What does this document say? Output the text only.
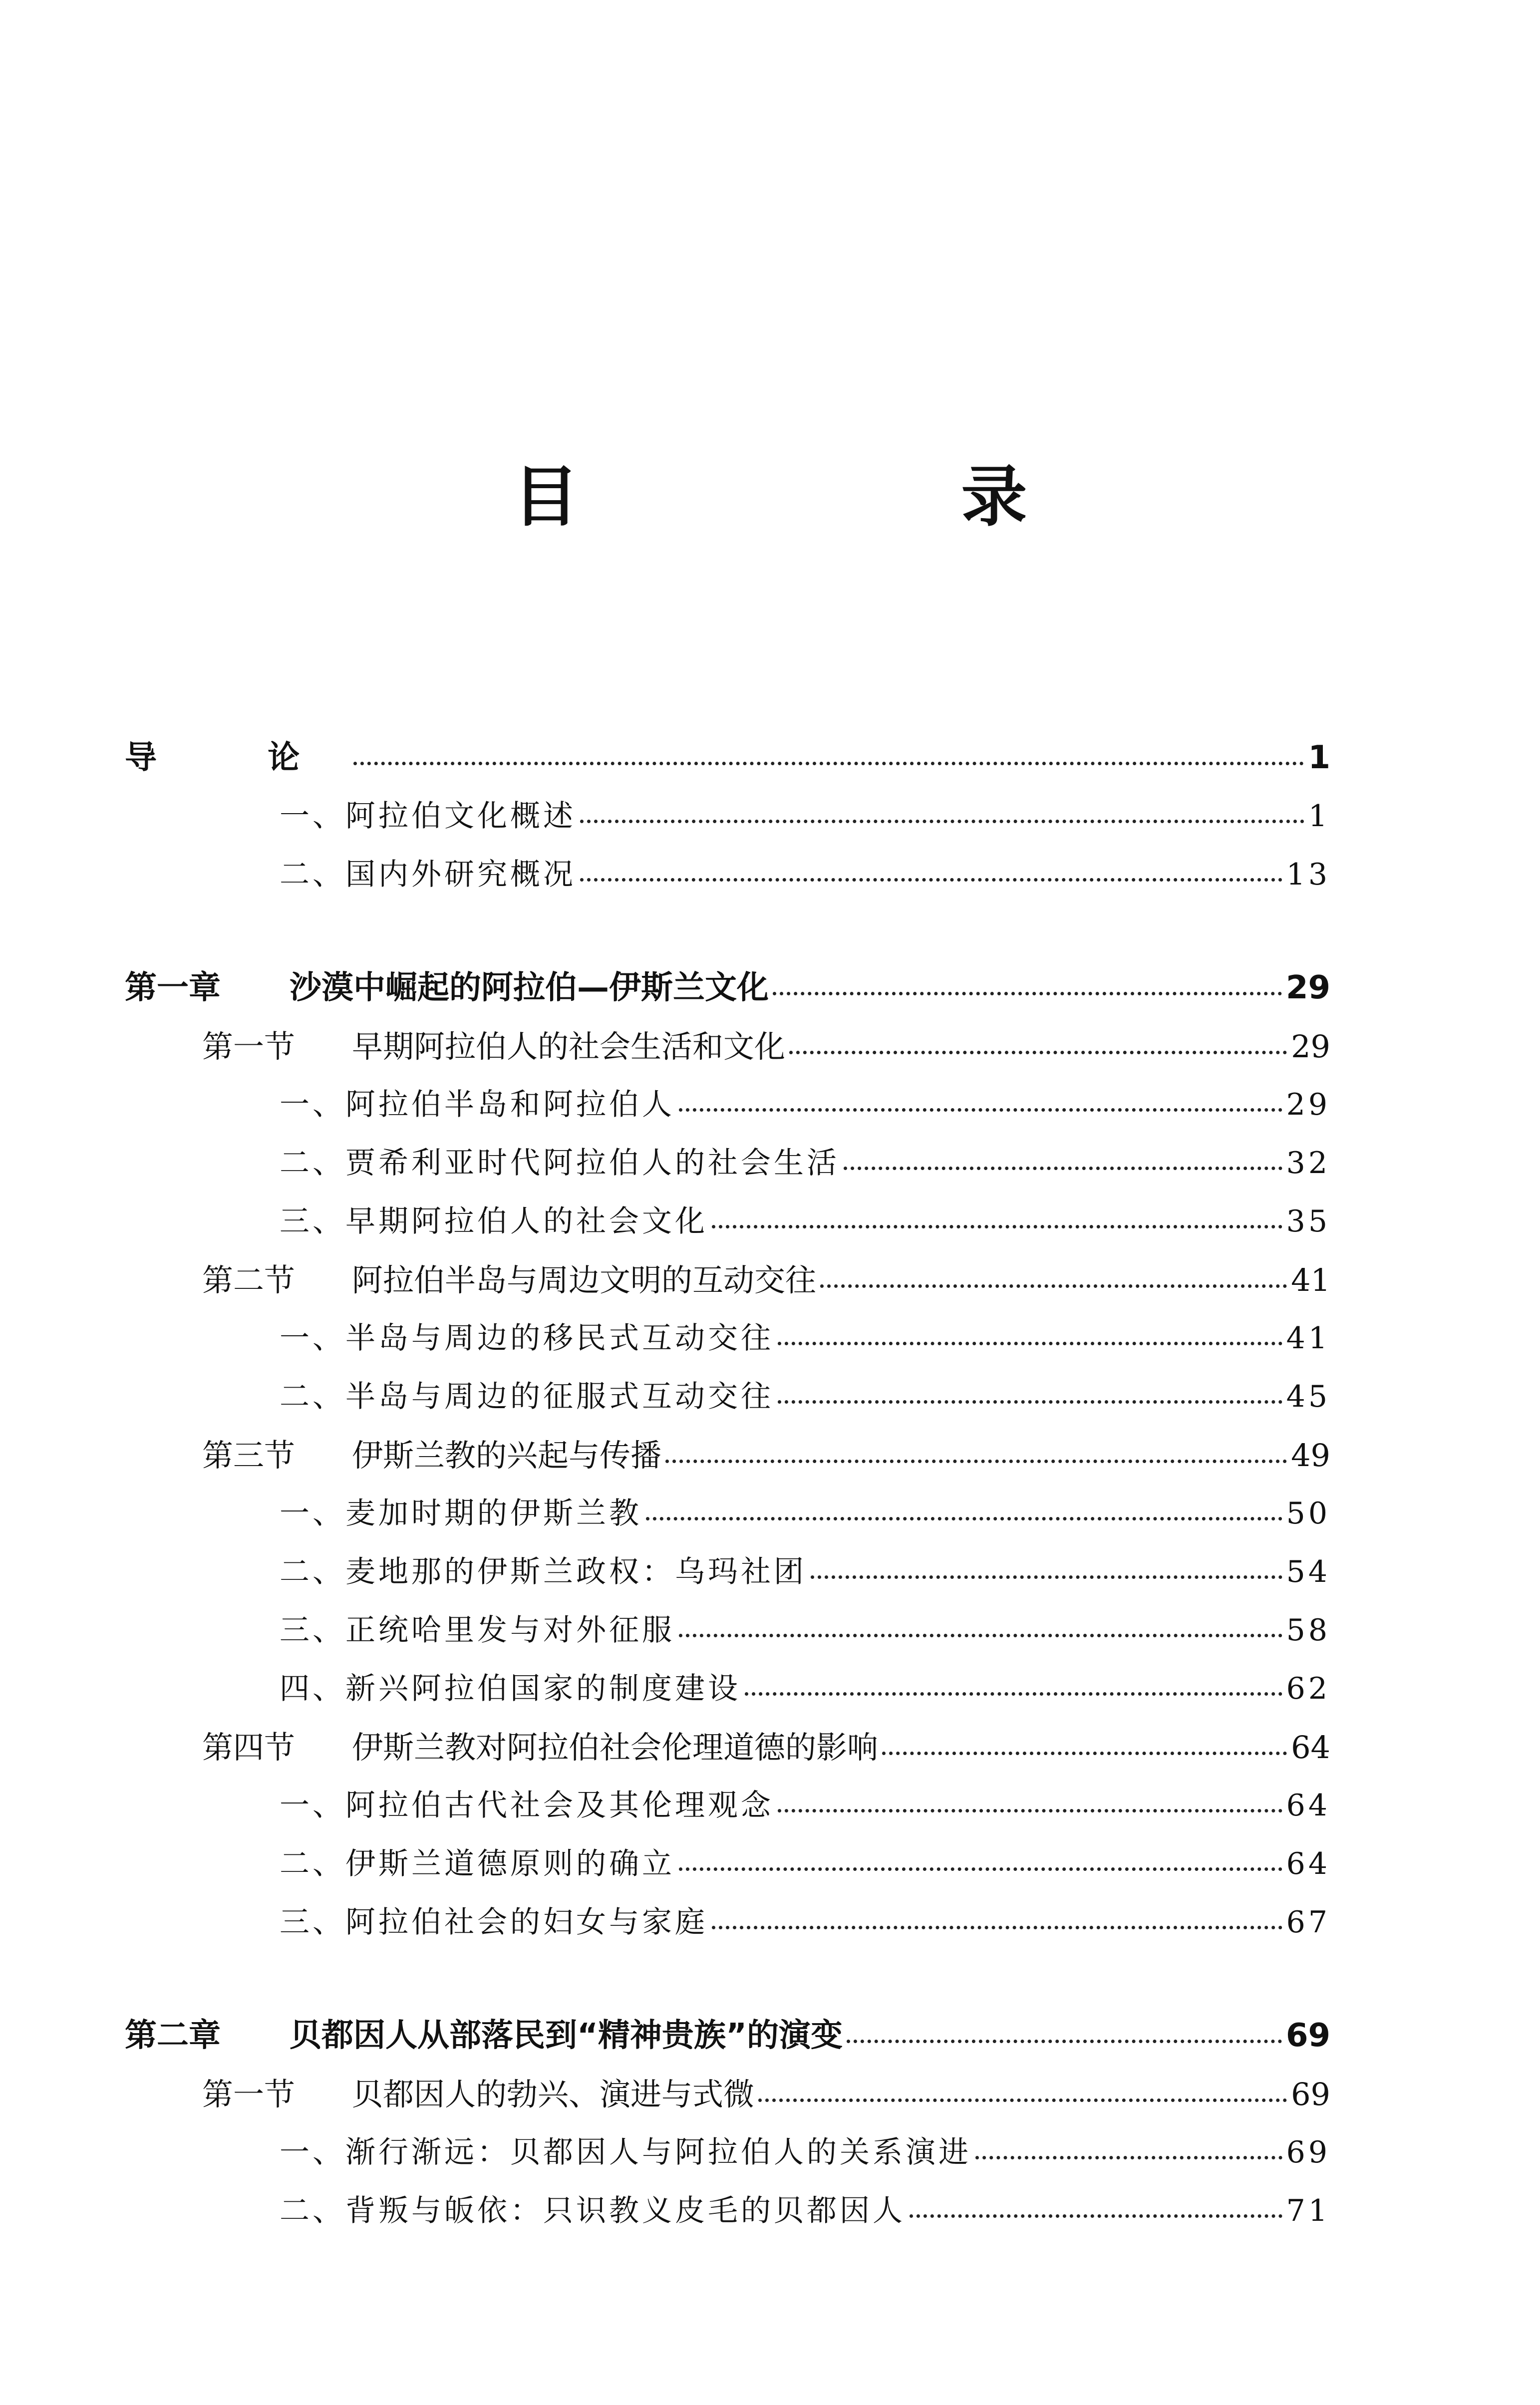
目 录
导 论	1
一、阿拉伯文化概述	1
二、国内外研究概况	13
第一章 沙漠中崛起的阿拉伯—伊斯兰文化	29
第一节 早期阿拉伯人的社会生活和文化	29
一、阿拉伯半岛和阿拉伯人	29
二、贾希利亚时代阿拉伯人的社会生活	32
三、早期阿拉伯人的社会文化	35
第二节 阿拉伯半岛与周边文明的互动交往	41
一、半岛与周边的移民式互动交往	41
二、半岛与周边的征服式互动交往	45
第三节 伊斯兰教的兴起与传播	49
一、麦加时期的伊斯兰教	50
二、麦地那的伊斯兰政权：乌玛社团	54
三、正统哈里发与对外征服	58
四、新兴阿拉伯国家的制度建设	62
第四节 伊斯兰教对阿拉伯社会伦理道德的影响	64
一、阿拉伯古代社会及其伦理观念	64
二、伊斯兰道德原则的确立	64
三、阿拉伯社会的妇女与家庭	67
第二章 贝都因人从部落民到“精神贵族”的演变	69
第一节 贝都因人的勃兴、演进与式微	69
一、渐行渐远：贝都因人与阿拉伯人的关系演进	69
二、背叛与皈依：只识教义皮毛的贝都因人	71
